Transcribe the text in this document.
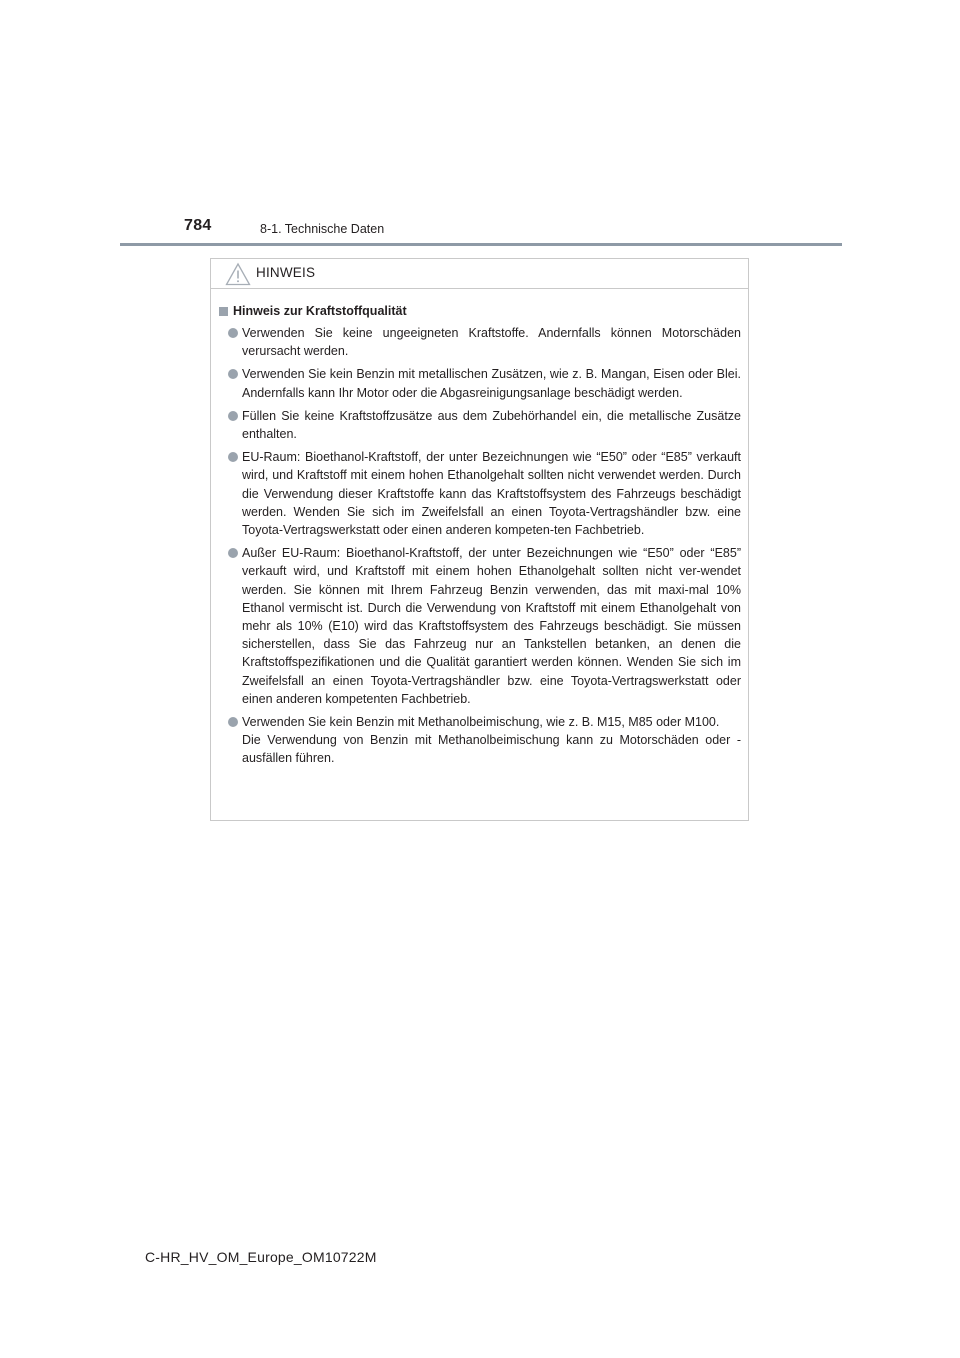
784	8-1. Technische Daten
HINWEIS
Hinweis zur Kraftstoffqualität
Verwenden Sie keine ungeeigneten Kraftstoffe. Andernfalls können Motorschäden verursacht werden.
Verwenden Sie kein Benzin mit metallischen Zusätzen, wie z. B. Mangan, Eisen oder Blei. Andernfalls kann Ihr Motor oder die Abgasreinigungsanlage beschädigt werden.
Füllen Sie keine Kraftstoffzusätze aus dem Zubehörhandel ein, die metallische Zusätze enthalten.
EU-Raum: Bioethanol-Kraftstoff, der unter Bezeichnungen wie “E50” oder “E85” verkauft wird, und Kraftstoff mit einem hohen Ethanolgehalt sollten nicht verwendet werden. Durch die Verwendung dieser Kraftstoffe kann das Kraftstoffsystem des Fahrzeugs beschädigt werden. Wenden Sie sich im Zweifelsfall an einen Toyota-Vertragshändler bzw. eine Toyota-Vertragswerkstatt oder einen anderen kompeten-ten Fachbetrieb.
Außer EU-Raum: Bioethanol-Kraftstoff, der unter Bezeichnungen wie “E50” oder “E85” verkauft wird, und Kraftstoff mit einem hohen Ethanolgehalt sollten nicht ver-wendet werden. Sie können mit Ihrem Fahrzeug Benzin verwenden, das mit maxi-mal 10% Ethanol vermischt ist. Durch die Verwendung von Kraftstoff mit einem Ethanolgehalt von mehr als 10% (E10) wird das Kraftstoffsystem des Fahrzeugs beschädigt. Sie müssen sicherstellen, dass Sie das Fahrzeug nur an Tankstellen betanken, an denen die Kraftstoffspezifikationen und die Qualität garantiert werden können. Wenden Sie sich im Zweifelsfall an einen Toyota-Vertragshändler bzw. eine Toyota-Vertragswerkstatt oder einen anderen kompetenten Fachbetrieb.
Verwenden Sie kein Benzin mit Methanolbeimischung, wie z. B. M15, M85 oder M100.
Die Verwendung von Benzin mit Methanolbeimischung kann zu Motorschäden oder -ausfällen führen.
C-HR_HV_OM_Europe_OM10722M
